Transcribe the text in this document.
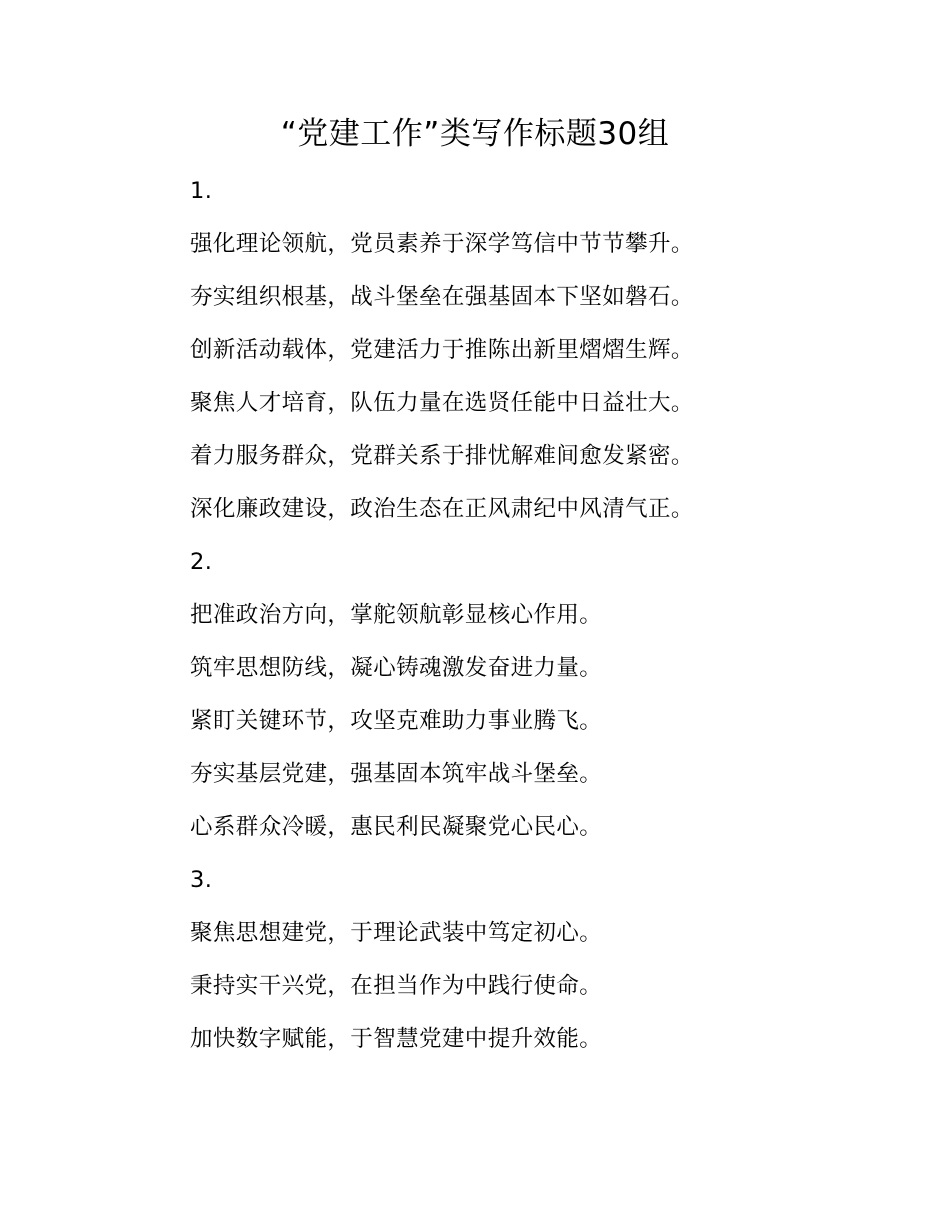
“党建工作”类写作标题30组
1.
强化理论领航，党员素养于深学笃信中节节攀升。
夯实组织根基，战斗堡垒在强基固本下坚如磐石。
创新活动载体，党建活力于推陈出新里熠熠生辉。
聚焦人才培育，队伍力量在选贤任能中日益壮大。
着力服务群众，党群关系于排忧解难间愈发紧密。
深化廉政建设，政治生态在正风肃纪中风清气正。
2.
把准政治方向，掌舵领航彰显核心作用。
筑牢思想防线，凝心铸魂激发奋进力量。
紧盯关键环节，攻坚克难助力事业腾飞。
夯实基层党建，强基固本筑牢战斗堡垒。
心系群众冷暖，惠民利民凝聚党心民心。
3.
聚焦思想建党，于理论武装中笃定初心。
秉持实干兴党，在担当作为中践行使命。
加快数字赋能，于智慧党建中提升效能。
